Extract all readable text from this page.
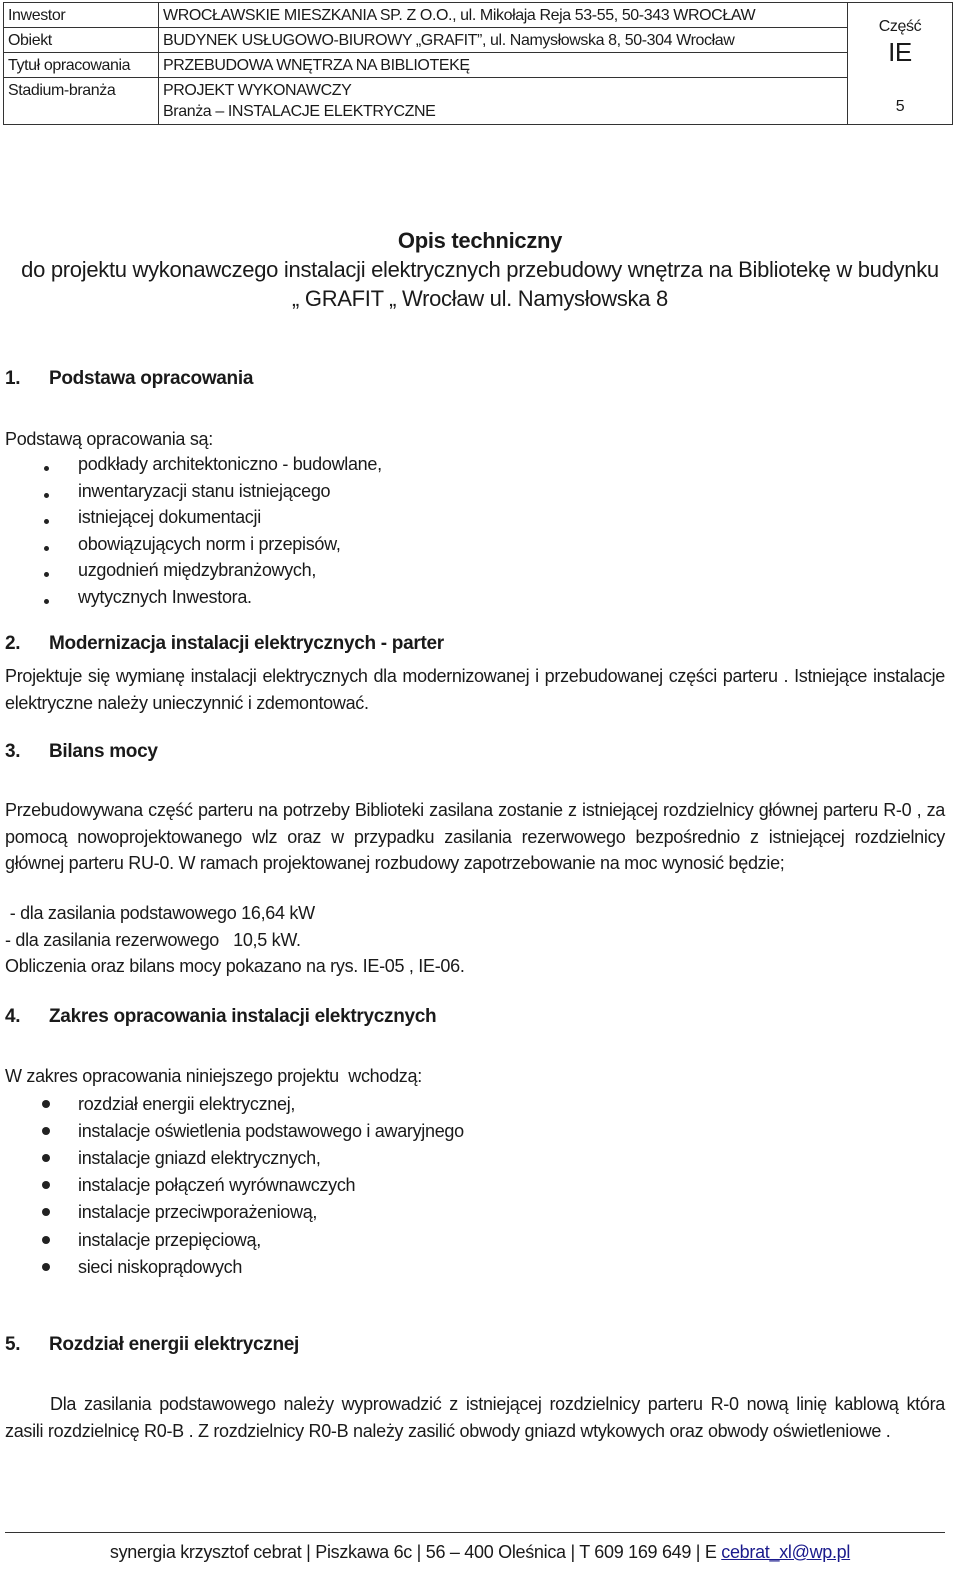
Inwestor	WROCŁAWSKIE MIESZKANIA SP. Z O.O., ul. Mikołaja Reja 53-55, 50-343 WROCŁAW	Część
IE
5

Obiekt	BUDYNEK USŁUGOWO-BIUROWY „GRAFIT”, ul. Namysłowska 8, 50-304 Wrocław	
Tytuł opracowania	PRZEBUDOWA WNĘTRZA NA BIBLIOTEKĘ	
Stadium-branża	PROJEKT WYKONAWCZY
Branża – INSTALACJE ELEKTRYCZNE	
Opis techniczny
do projektu wykonawczego instalacji elektrycznych przebudowy wnętrza na Bibliotekę w budynku
„ GRAFIT „ Wrocław ul. Namysłowska 8
1. Podstawa opracowania
Podstawą opracowania są:
podkłady architektoniczno - budowlane,
inwentaryzacji stanu istniejącego
istniejącej dokumentacji
obowiązujących norm i przepisów,
uzgodnień międzybranżowych,
wytycznych Inwestora.
2. Modernizacja instalacji elektrycznych - parter
Projektuje się wymianę instalacji elektrycznych dla modernizowanej i przebudowanej części parteru . Istniejące instalacje elektryczne należy unieczynnić i zdemontować.
3. Bilans mocy
Przebudowywana część parteru na potrzeby Biblioteki zasilana zostanie z istniejącej rozdzielnicy głównej parteru R-0 , za pomocą nowoprojektowanego wlz oraz w przypadku zasilania rezerwowego bezpośrednio z istniejącej rozdzielnicy głównej parteru RU-0. W ramach projektowanej rozbudowy zapotrzebowanie na moc wynosić będzie;
- dla zasilania podstawowego 16,64 kW
- dla zasilania rezerwowego   10,5 kW.
Obliczenia oraz bilans mocy pokazano na rys. IE-05 , IE-06.
4. Zakres opracowania instalacji elektrycznych
W zakres opracowania niniejszego projektu  wchodzą:
rozdział energii elektrycznej,
instalacje oświetlenia podstawowego i awaryjnego
instalacje gniazd elektrycznych,
instalacje połączeń wyrównawczych
instalacje przeciwporażeniową,
instalacje przepięciową,
sieci niskoprądowych
5. Rozdział energii elektrycznej
Dla zasilania podstawowego należy wyprowadzić z istniejącej rozdzielnicy parteru R-0 nową linię kablową która zasili rozdzielnicę R0-B . Z rozdzielnicy R0-B należy zasilić obwody gniazd wtykowych oraz obwody oświetleniowe .
synergia krzysztof cebrat | Piszkawa 6c | 56 – 400 Oleśnica | T 609 169 649 | E cebrat_xl@wp.pl
